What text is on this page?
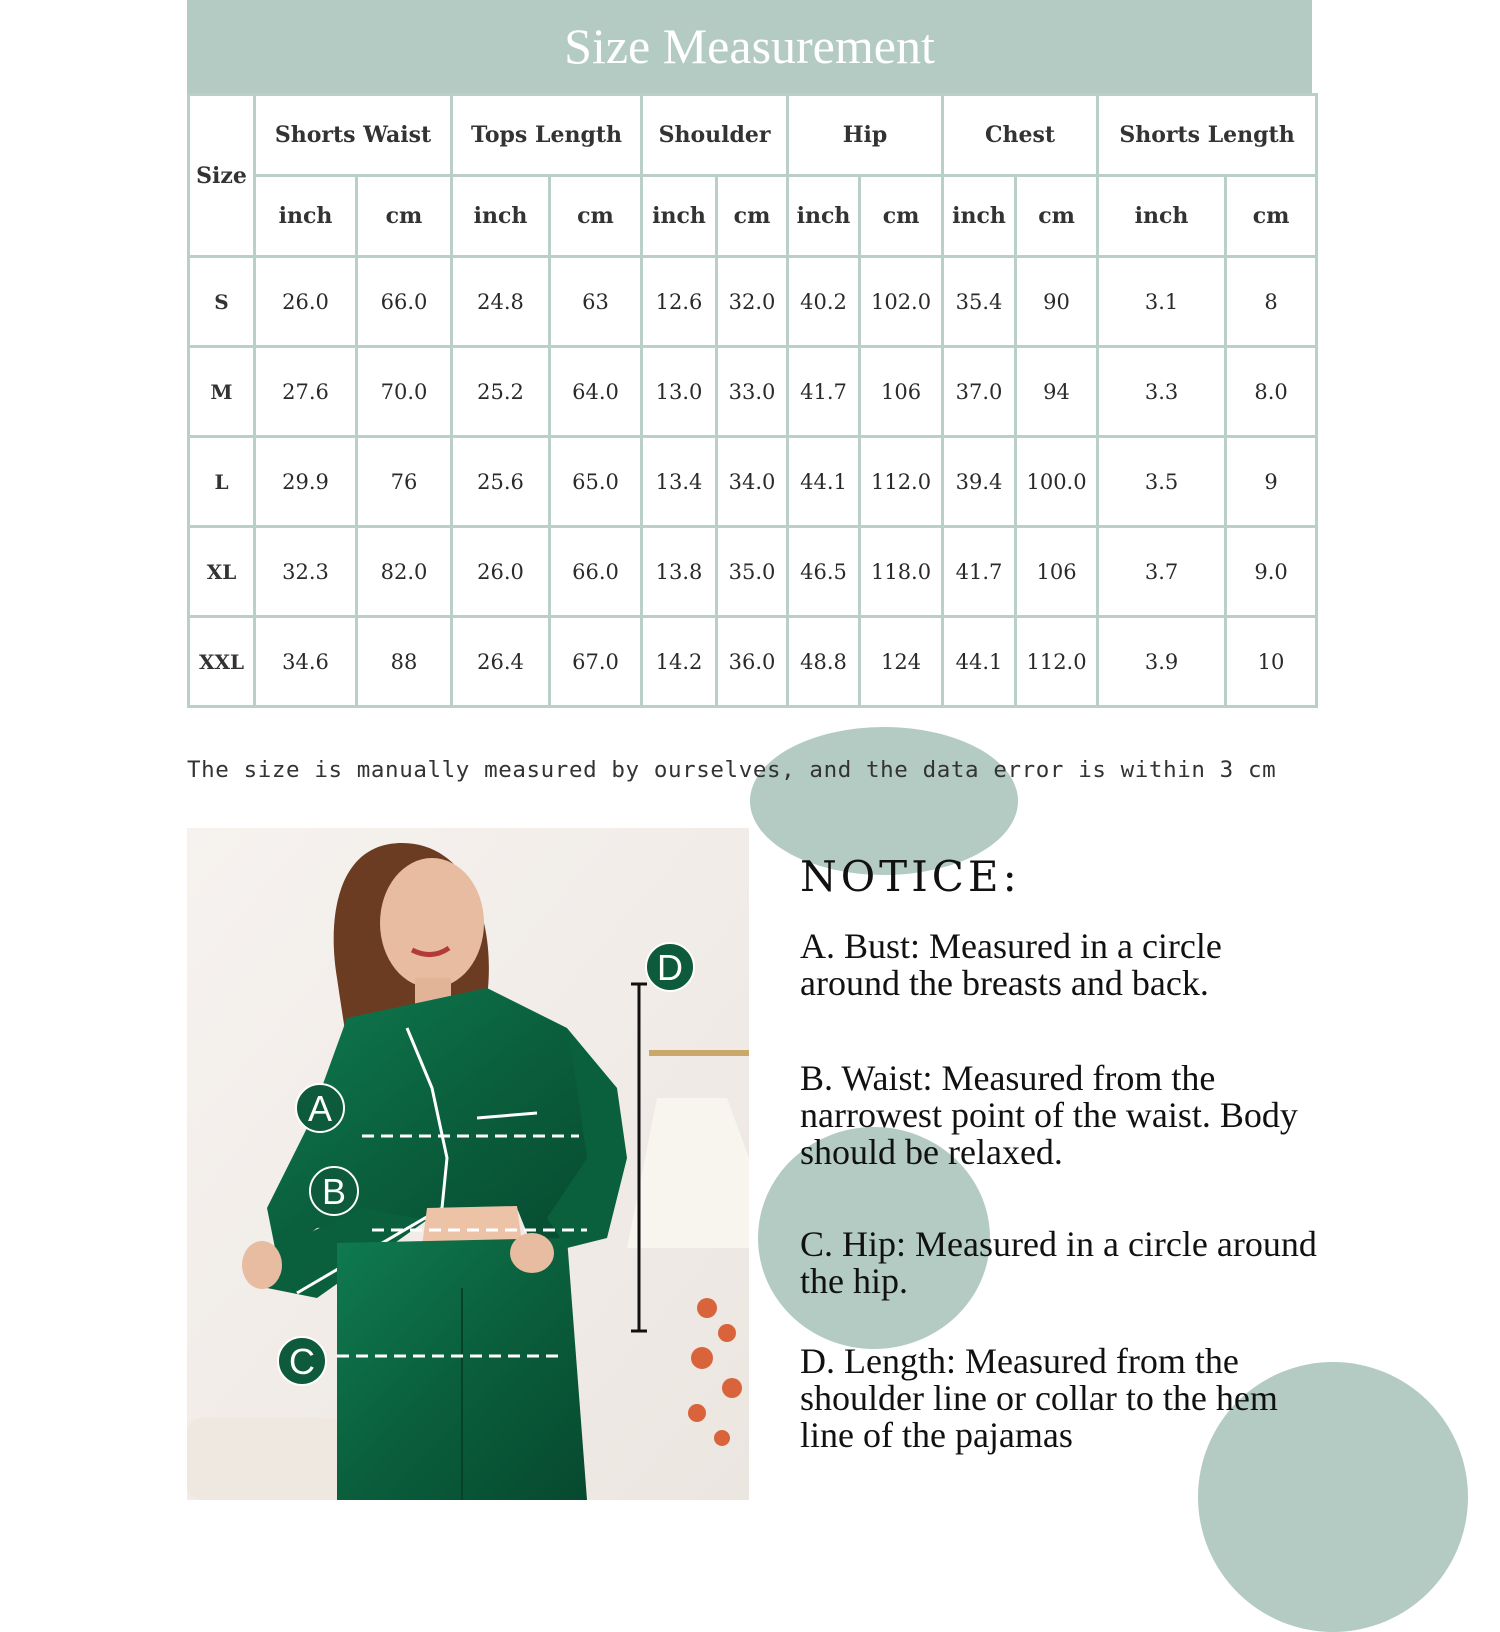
Size Measurement
Size	Shorts Waist		Tops Length		Shoulder		Hip		Chest		Shorts Length	
	inch	cm	inch	cm	inch	cm	inch	cm	inch	cm	inch	cm
S	26.0	66.0	24.8	63	12.6	32.0	40.2	102.0	35.4	90	3.1	8
M	27.6	70.0	25.2	64.0	13.0	33.0	41.7	106	37.0	94	3.3	8.0
L	29.9	76	25.6	65.0	13.4	34.0	44.1	112.0	39.4	100.0	3.5	9
XL	32.3	82.0	26.0	66.0	13.8	35.0	46.5	118.0	41.7	106	3.7	9.0
XXL	34.6	88	26.4	67.0	14.2	36.0	48.8	124	44.1	112.0	3.9	10
The size is manually measured by ourselves, and the data error is within 3 cm
A
B
C
D
NOTICE:
A. Bust: Measured in a circle around the breasts and back.
B. Waist: Measured from the narrowest point of the waist. Body should be relaxed.
C. Hip: Measured in a circle around the hip.
D. Length: Measured from the shoulder line or collar to the hem line of the pajamas
